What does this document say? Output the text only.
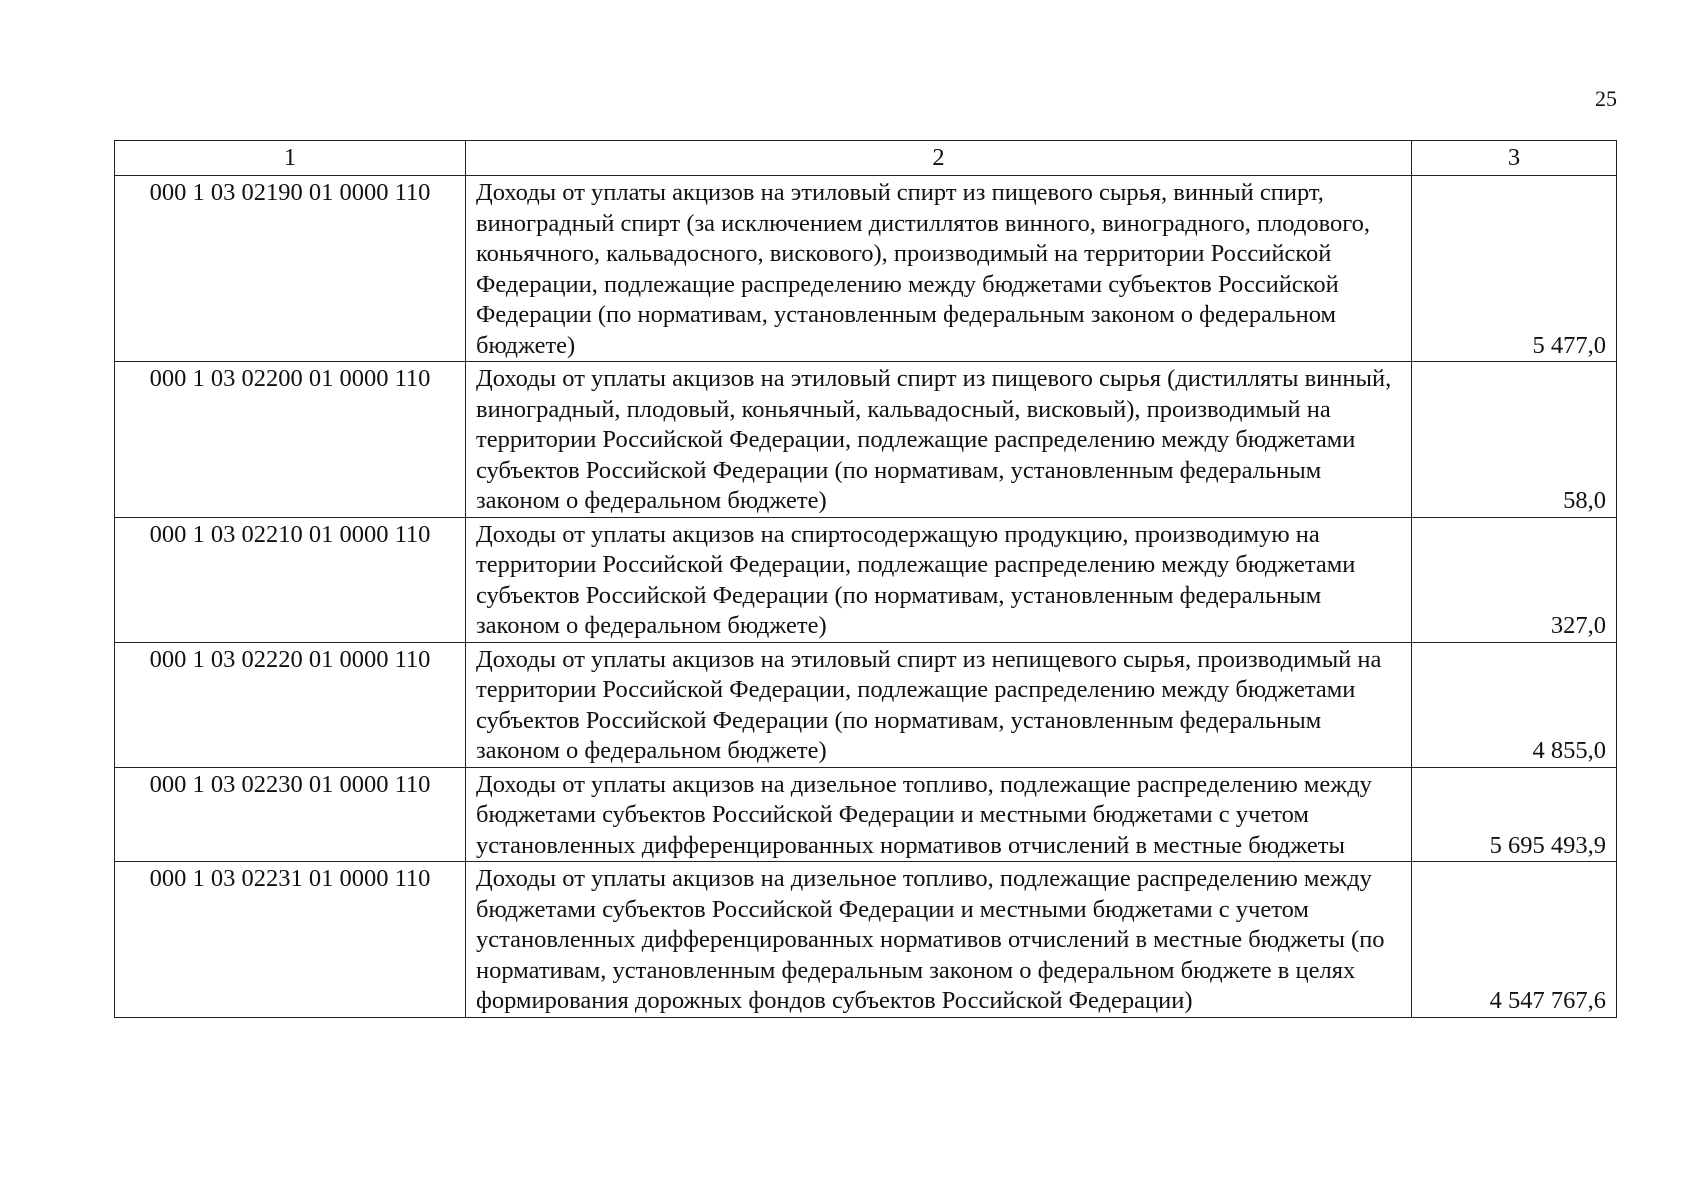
25
1	2	3
000 1 03 02190 01 0000 110	Доходы от уплаты акцизов на этиловый спирт из пищевого сырья, винный спирт, виноградный спирт (за исключением дистиллятов винного, виноградного, плодового, коньячного, кальвадосного, вискового), производимый на территории Российской Федерации, подлежащие распределению между бюджетами субъектов Российской Федерации (по нормативам, установленным федеральным законом о федеральном бюджете)	5 477,0
000 1 03 02200 01 0000 110	Доходы от уплаты акцизов на этиловый спирт из пищевого сырья (дистилляты винный, виноградный, плодовый, коньячный, кальвадосный, висковый), производимый на территории Российской Федерации, подлежащие распределению между бюджетами субъектов Российской Федерации (по нормативам, установленным федеральным законом о федеральном бюджете)	58,0
000 1 03 02210 01 0000 110	Доходы от уплаты акцизов на спиртосодержащую продукцию, производимую на территории Российской Федерации, подлежащие распределению между бюджетами субъектов Российской Федерации (по нормативам, установленным федеральным законом о федеральном бюджете)	327,0
000 1 03 02220 01 0000 110	Доходы от уплаты акцизов на этиловый спирт из непищевого сырья, производимый на территории Российской Федерации, подлежащие распределению между бюджетами субъектов Российской Федерации (по нормативам, установленным федеральным законом о федеральном бюджете)	4 855,0
000 1 03 02230 01 0000 110	Доходы от уплаты акцизов на дизельное топливо, подлежащие распределению между бюджетами субъектов Российской Федерации и местными бюджетами с учетом установленных дифференцированных нормативов отчислений в местные бюджеты	5 695 493,9
000 1 03 02231 01 0000 110	Доходы от уплаты акцизов на дизельное топливо, подлежащие распределению между бюджетами субъектов Российской Федерации и местными бюджетами с учетом установленных дифференцированных нормативов отчислений в местные бюджеты (по нормативам, установленным федеральным законом о федеральном бюджете в целях формирования дорожных фондов субъектов Российской Федерации)	4 547 767,6
